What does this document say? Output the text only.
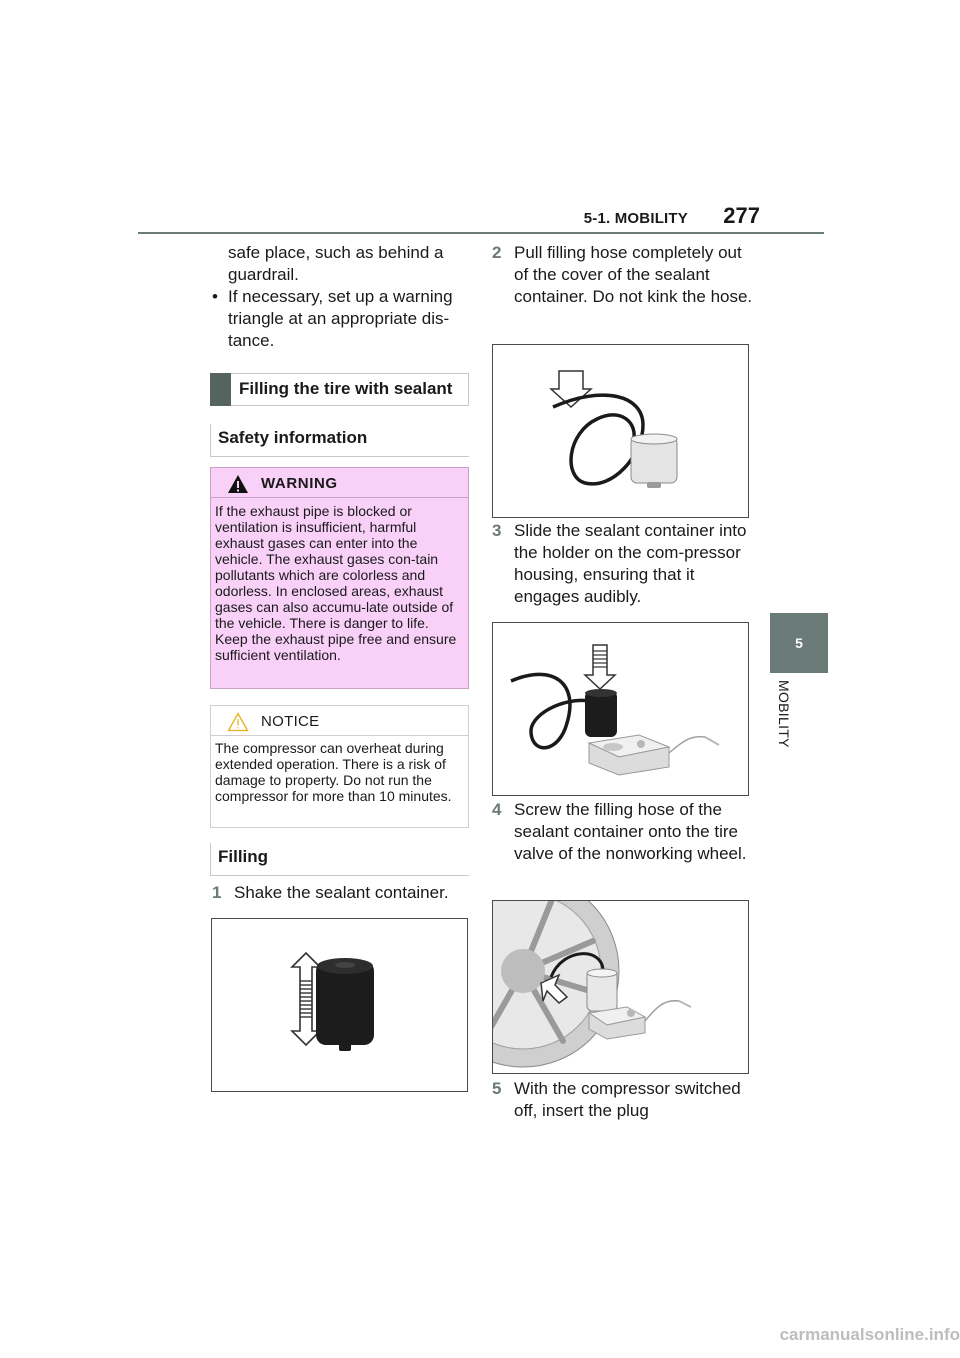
5-1. MOBILITY	277
5
MOBILITY
safe place, such as behind a guardrail.
• If necessary, set up a warning triangle at an appropriate dis-tance.
Filling the tire with sealant
Safety information
WARNING
If the exhaust pipe is blocked or ventilation is insufficient, harmful exhaust gases can enter into the vehicle. The exhaust gases con-tain pollutants which are colorless and odorless. In enclosed areas, exhaust gases can also accumu-late outside of the vehicle. There is danger to life. Keep the exhaust pipe free and ensure sufficient ventilation.
NOTICE
The compressor can overheat during extended operation. There is a risk of damage to property. Do not run the compressor for more than 10 minutes.
Filling
1 Shake the sealant container.
2 Pull filling hose completely out of the cover of the sealant container. Do not kink the hose.
3 Slide the sealant container into the holder on the com-pressor housing, ensuring that it engages audibly.
4 Screw the filling hose of the sealant container onto the tire valve of the nonworking wheel.
5 With the compressor switched off, insert the plug
carmanualsonline.info
